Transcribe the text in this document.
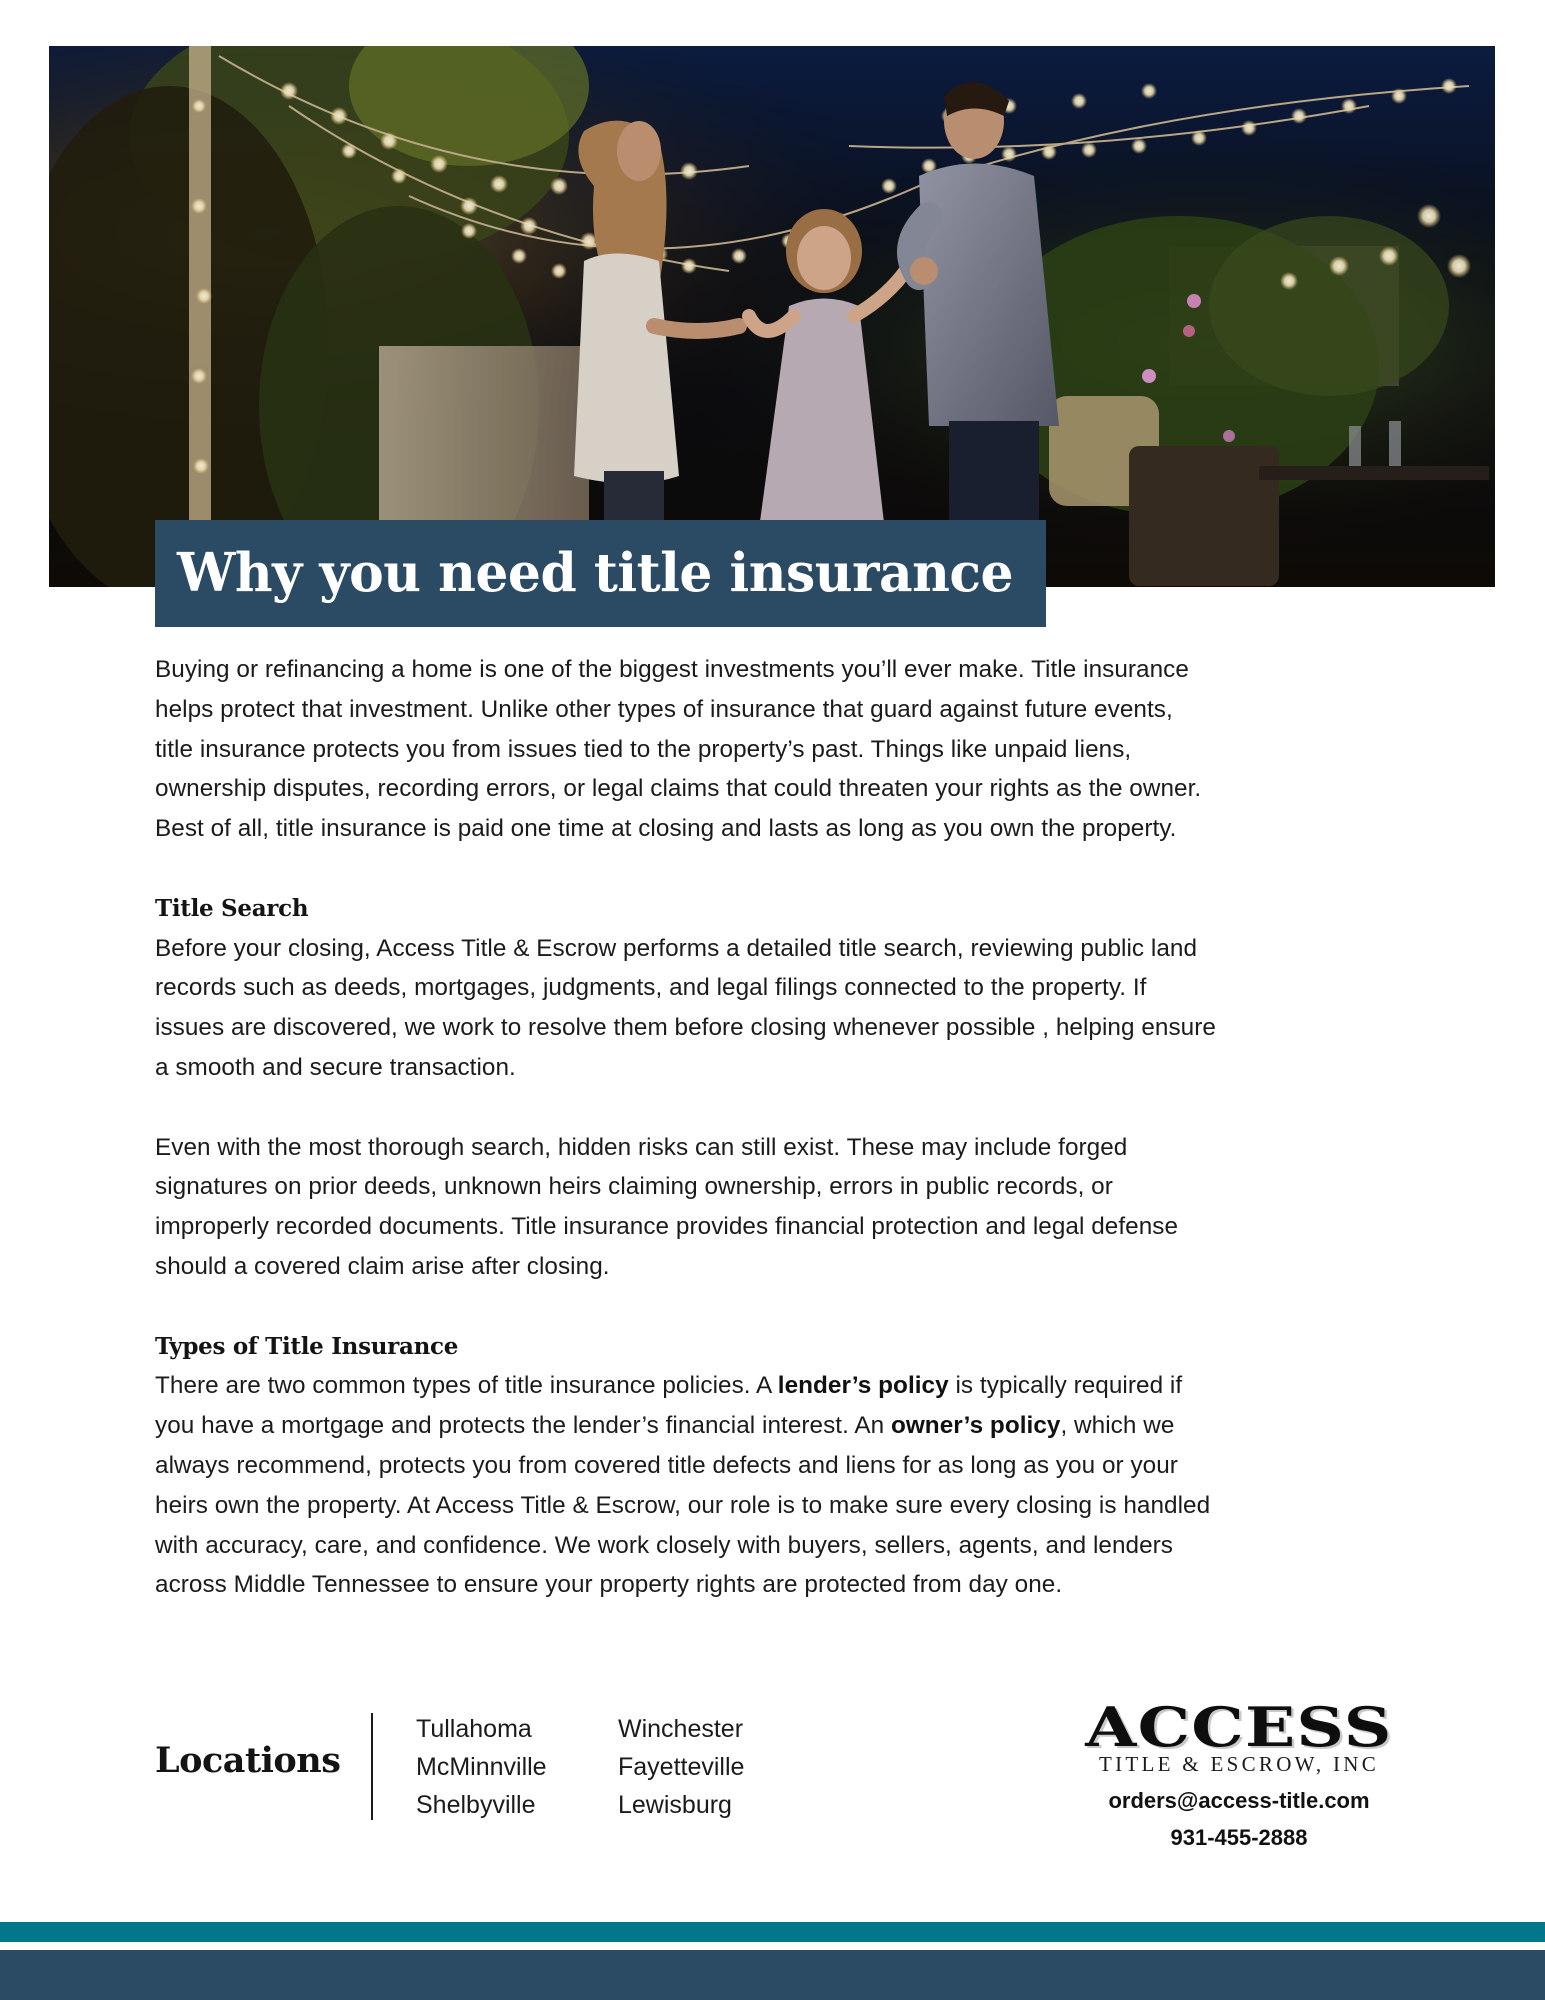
Why you need title insurance

Buying or refinancing a home is one of the biggest investments you’ll ever make. Title insurance
helps protect that investment. Unlike other types of insurance that guard against future events,
title insurance protects you from issues tied to the property’s past. Things like unpaid liens,
ownership disputes, recording errors, or legal claims that could threaten your rights as the owner.
Best of all, title insurance is paid one time at closing and lasts as long as you own the property.

Title Search

Before your closing, Access Title & Escrow performs a detailed title search, reviewing public land
records such as deeds, mortgages, judgments, and legal filings connected to the property. If
issues are discovered, we work to resolve them before closing whenever possible , helping ensure
a smooth and secure transaction.

Even with the most thorough search, hidden risks can still exist. These may include forged
signatures on prior deeds, unknown heirs claiming ownership, errors in public records, or
improperly recorded documents. Title insurance provides financial protection and legal defense
should a covered claim arise after closing.

Types of Title Insurance

There are two common types of title insurance policies. A lender’s policy is typically required if
you have a mortgage and protects the lender’s financial interest. An owner’s policy, which we
always recommend, protects you from covered title defects and liens for as long as you or your
heirs own the property. At Access Title & Escrow, our role is to make sure every closing is handled
with accuracy, care, and confidence. We work closely with buyers, sellers, agents, and lenders
across Middle Tennessee to ensure your property rights are protected from day one.

Locations
Tullahoma
McMinnville
Shelbyville
Winchester
Fayetteville
Lewisburg
ACCESS
TITLE & ESCROW, INC
orders@access-title.com
931-455-2888
